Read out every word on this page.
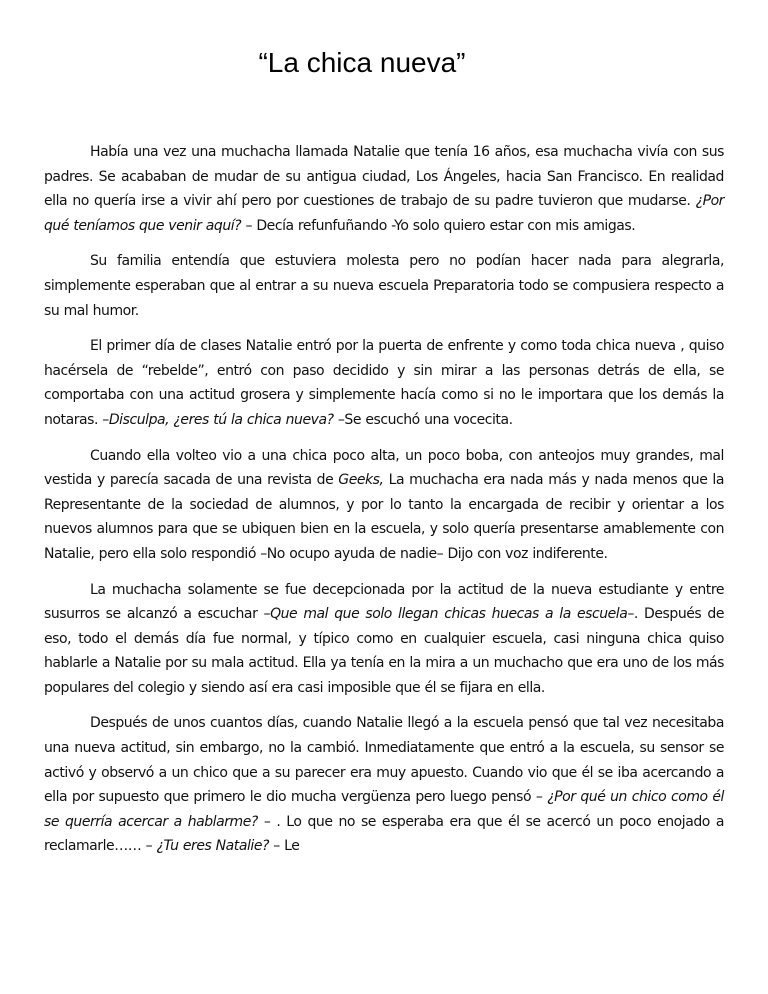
“La chica nueva”

Había una vez una muchacha llamada Natalie que tenía 16 años, esa muchacha vivía con sus padres. Se acababan de mudar de su antigua ciudad, Los Ángeles, hacia San Francisco. En realidad ella no quería irse a vivir ahí pero por cuestiones de trabajo de su padre tuvieron que mudarse. ¿Por qué teníamos que venir aquí? – Decía refunfuñando -Yo solo quiero estar con mis amigas.

Su familia entendía que estuviera molesta pero no podían hacer nada para alegrarla, simplemente esperaban que al entrar a su nueva escuela Preparatoria todo se compusiera respecto a su mal humor.

El primer día de clases Natalie entró por la puerta de enfrente y como toda chica nueva , quiso hacérsela de “rebelde”, entró con paso decidido y sin mirar a las personas detrás de ella, se comportaba con una actitud grosera y simplemente hacía como si no le importara que los demás la notaras. –Disculpa, ¿eres tú la chica nueva? –Se escuchó una vocecita.

Cuando ella volteo vio a una chica poco alta, un poco boba, con anteojos muy grandes, mal vestida y parecía sacada de una revista de Geeks, La muchacha era nada más y nada menos que la Representante de la sociedad de alumnos, y por lo tanto la encargada de recibir y orientar a los nuevos alumnos para que se ubiquen bien en la escuela, y solo quería presentarse amablemente con Natalie, pero ella solo respondió –No ocupo ayuda de nadie– Dijo con voz indiferente.

La muchacha solamente se fue decepcionada por la actitud de la nueva estudiante y entre susurros se alcanzó a escuchar –Que mal que solo llegan chicas huecas a la escuela–. Después de eso, todo el demás día fue normal, y típico como en cualquier escuela, casi ninguna chica quiso hablarle a Natalie por su mala actitud. Ella ya tenía en la mira a un muchacho que era uno de los más populares del colegio y siendo así era casi imposible que él se fijara en ella.

Después de unos cuantos días, cuando Natalie llegó a la escuela pensó que tal vez necesitaba una nueva actitud, sin embargo, no la cambió. Inmediatamente que entró a la escuela, su sensor se activó y observó a un chico que a su parecer era muy apuesto. Cuando vio que él se iba acercando a ella por supuesto que primero le dio mucha vergüenza pero luego pensó – ¿Por qué un chico como él se querría acercar a hablarme? – . Lo que no se esperaba era que él se acercó un poco enojado a reclamarle…… – ¿Tu eres Natalie? – Le
